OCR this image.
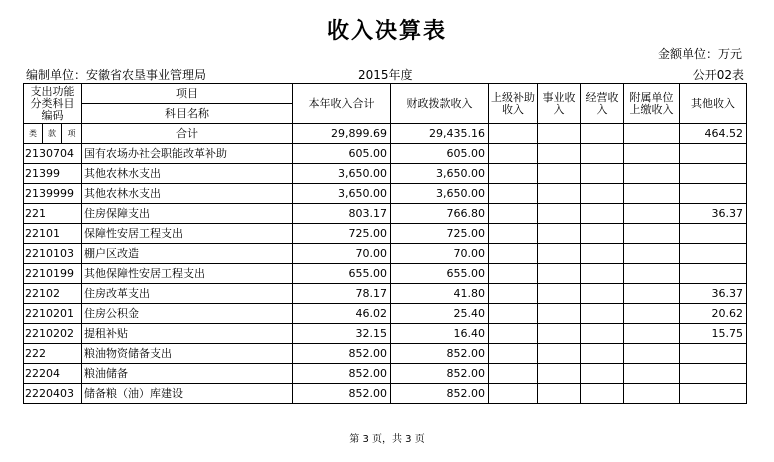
收入决算表
金额单位：万元
编制单位：安徽省农垦事业管理局	2015年度	公开02表
支出功能分类科目编码			项目	本年收入合计	财政拨款收入	上级补助收入	事业收入	经营收入	附属单位上缴收入	其他收入
			科目名称							
类	款	项	合计	29,899.69	29,435.16					464.52
2130704			国有农场办社会职能改革补助	605.00	605.00					
21399			其他农林水支出	3,650.00	3,650.00					
2139999			其他农林水支出	3,650.00	3,650.00					
221			住房保障支出	803.17	766.80					36.37
22101			保障性安居工程支出	725.00	725.00					
2210103			棚户区改造	70.00	70.00					
2210199			其他保障性安居工程支出	655.00	655.00					
22102			住房改革支出	78.17	41.80					36.37
2210201			住房公积金	46.02	25.40					20.62
2210202			提租补贴	32.15	16.40					15.75
222			粮油物资储备支出	852.00	852.00					
22204			粮油储备	852.00	852.00					
2220403			储备粮（油）库建设	852.00	852.00					
第 3 页，共 3 页
